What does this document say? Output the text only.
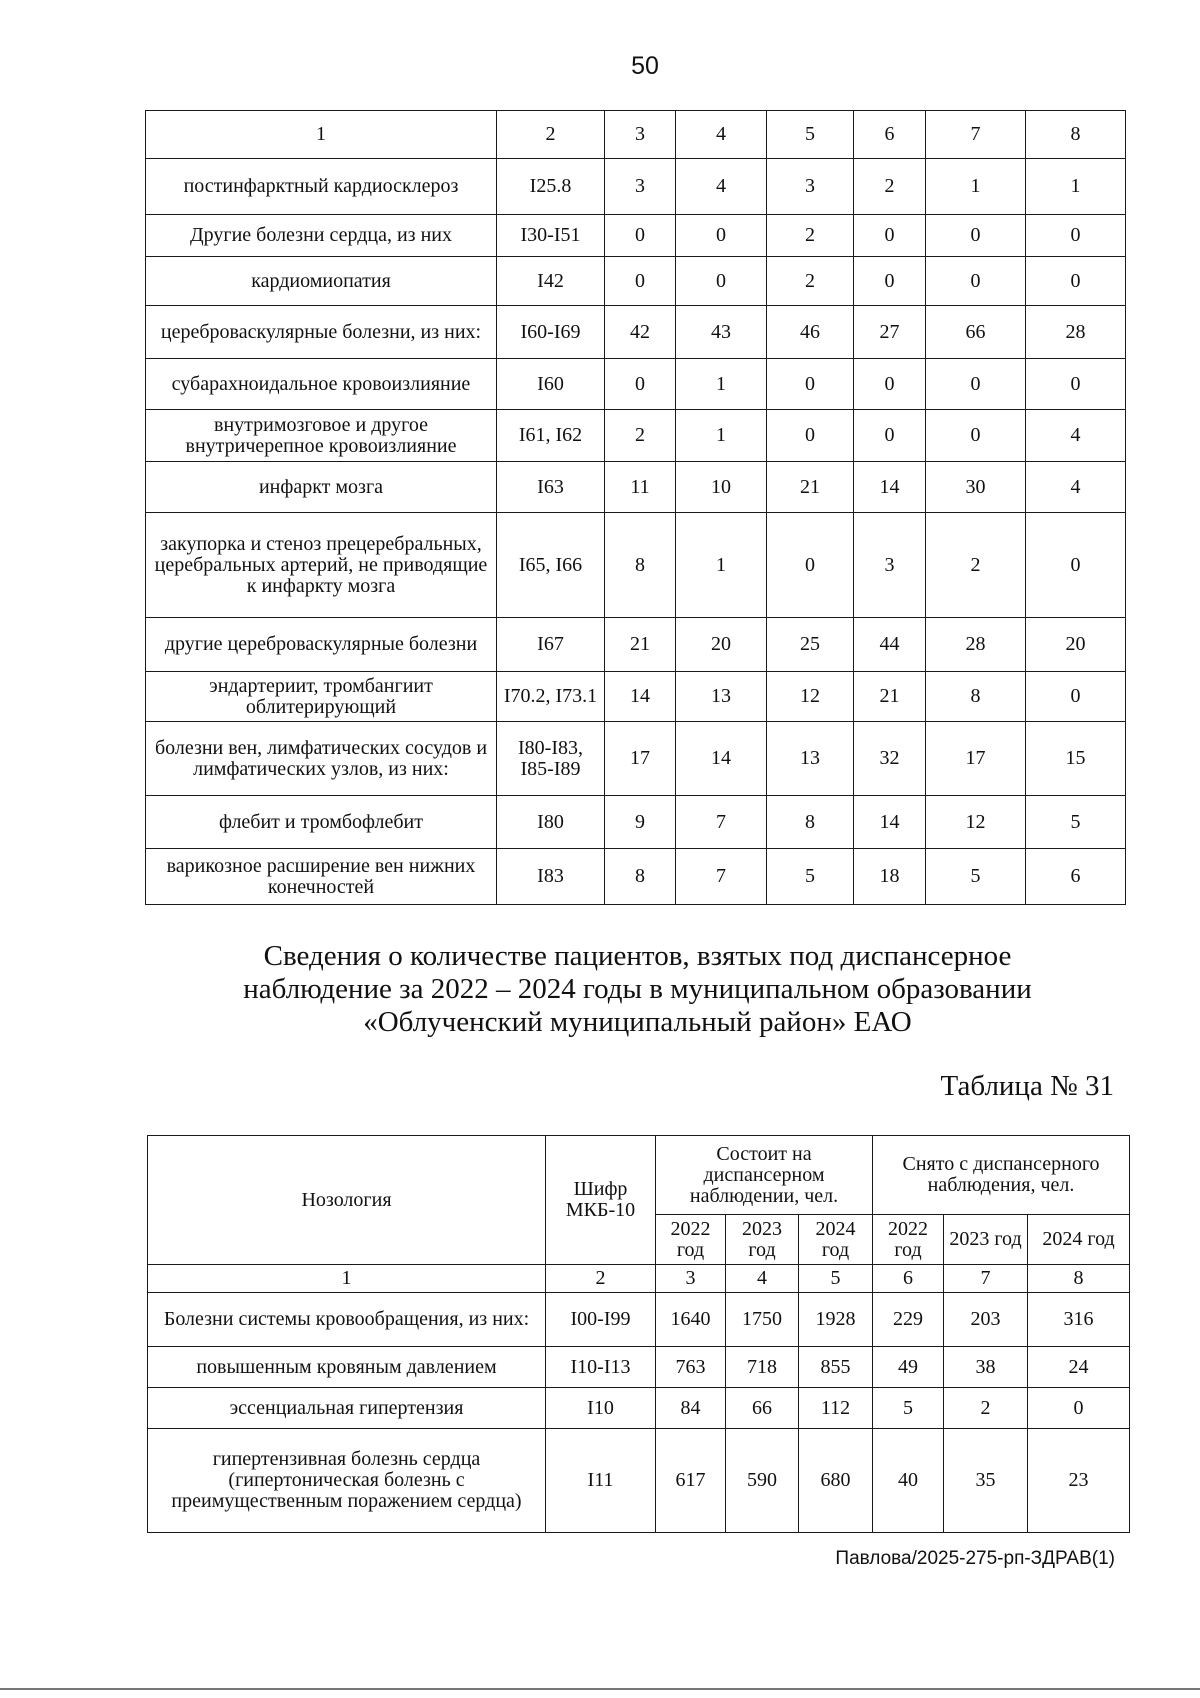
50
1	2	3	4	5	6	7	8
постинфарктный кардиосклероз	I25.8	3	4	3	2	1	1
Другие болезни сердца, из них	I30-I51	0	0	2	0	0	0
кардиомиопатия	I42	0	0	2	0	0	0
цереброваскулярные болезни, из них:	I60-I69	42	43	46	27	66	28
субарахноидальное кровоизлияние	I60	0	1	0	0	0	0
внутримозговое и другое внутричерепное кровоизлияние	I61, I62	2	1	0	0	0	4
инфаркт мозга	I63	11	10	21	14	30	4
закупорка и стеноз прецеребральных, церебральных артерий, не приводящие к инфаркту мозга	I65, I66	8	1	0	3	2	0
другие цереброваскулярные болезни	I67	21	20	25	44	28	20
эндартериит, тромбангиит облитерирующий	I70.2, I73.1	14	13	12	21	8	0
болезни вен, лимфатических сосудов и лимфатических узлов, из них:	I80-I83, I85-I89	17	14	13	32	17	15
флебит и тромбофлебит	I80	9	7	8	14	12	5
варикозное расширение вен нижних конечностей	I83	8	7	5	18	5	6
Сведения о количестве пациентов, взятых под диспансерное
наблюдение за 2022 – 2024 годы в муниципальном образовании
«Облученский муниципальный район» ЕАО
Таблица № 31
Нозология	Шифр МКБ-10	Состоит на диспансерном наблюдении, чел.			Снято с диспансерного наблюдения, чел.		
		2022 год	2023 год	2024 год	2022 год	2023 год	2024 год
1	2	3	4	5	6	7	8
Болезни системы кровообращения, из них:	I00-I99	1640	1750	1928	229	203	316
повышенным кровяным давлением	I10-I13	763	718	855	49	38	24
эссенциальная гипертензия	I10	84	66	112	5	2	0
гипертензивная болезнь сердца (гипертоническая болезнь с преимущественным поражением сердца)	I11	617	590	680	40	35	23
Павлова/2025-275-рп-ЗДРАВ(1)
